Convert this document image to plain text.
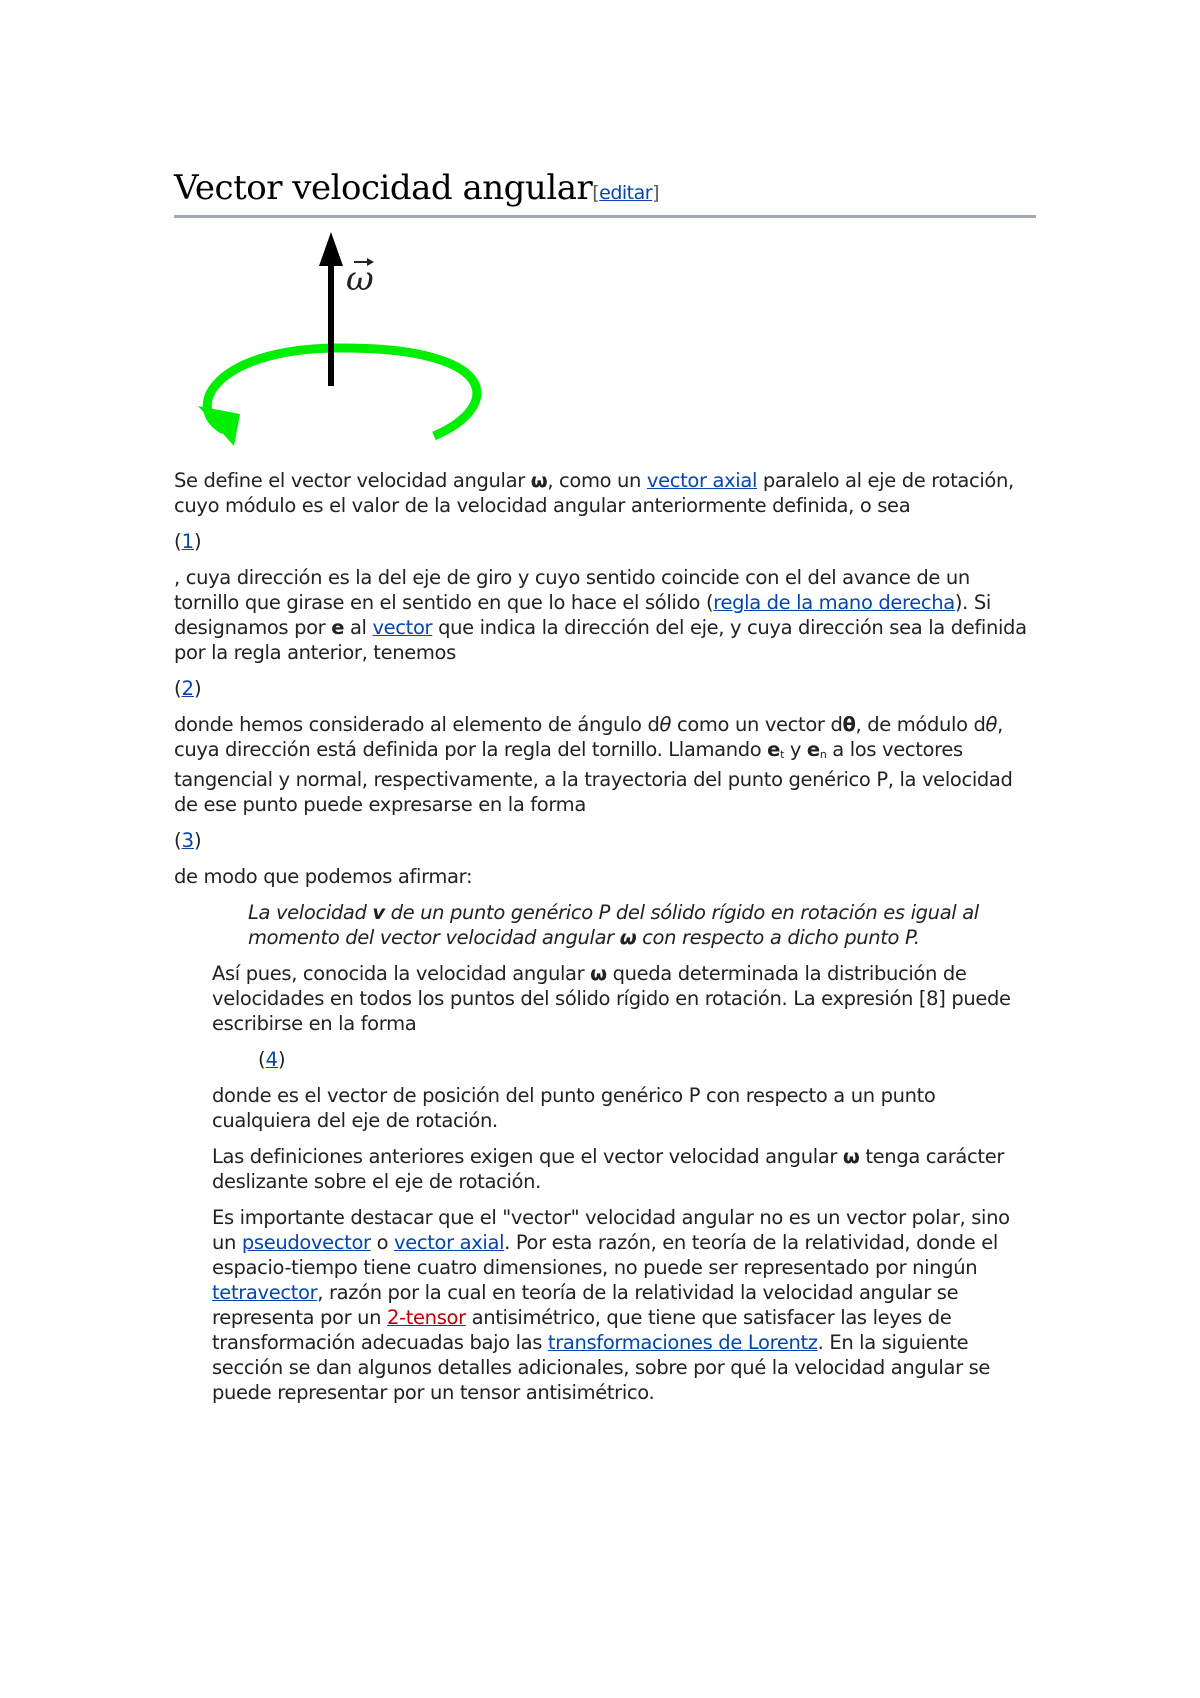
Vector velocidad angular[editar]
ω

Se define el vector velocidad angular ω, como un vector axial paralelo al eje de rotación, cuyo módulo es el valor de la velocidad angular anteriormente definida, o sea

(1)

, cuya dirección es la del eje de giro y cuyo sentido coincide con el del avance de un tornillo que girase en el sentido en que lo hace el sólido (regla de la mano derecha). Si designamos por e al vector que indica la dirección del eje, y cuya dirección sea la definida por la regla anterior, tenemos

(2)

donde hemos considerado al elemento de ángulo dθ como un vector dθ, de módulo dθ, cuya dirección está definida por la regla del tornillo. Llamando $e_t$ y $e_n$ a los vectores tangencial y normal, respectivamente, a la trayectoria del punto genérico P, la velocidad de ese punto puede expresarse en la forma

(3)

de modo que podemos afirmar:

La velocidad v de un punto genérico P del sólido rígido en rotación es igual al momento del vector velocidad angular ω con respecto a dicho punto P.

Así pues, conocida la velocidad angular ω queda determinada la distribución de velocidades en todos los puntos del sólido rígido en rotación. La expresión [8] puede escribirse en la forma

(4)

donde es el vector de posición del punto genérico P con respecto a un punto cualquiera del eje de rotación.

Las definiciones anteriores exigen que el vector velocidad angular ω tenga carácter deslizante sobre el eje de rotación.

Es importante destacar que el "vector" velocidad angular no es un vector polar, sino un pseudovector o vector axial. Por esta razón, en teoría de la relatividad, donde el espacio-tiempo tiene cuatro dimensiones, no puede ser representado por ningún tetravector, razón por la cual en teoría de la relatividad la velocidad angular se representa por un 2-tensor antisimétrico, que tiene que satisfacer las leyes de transformación adecuadas bajo las transformaciones de Lorentz. En la siguiente sección se dan algunos detalles adicionales, sobre por qué la velocidad angular se puede representar por un tensor antisimétrico.
